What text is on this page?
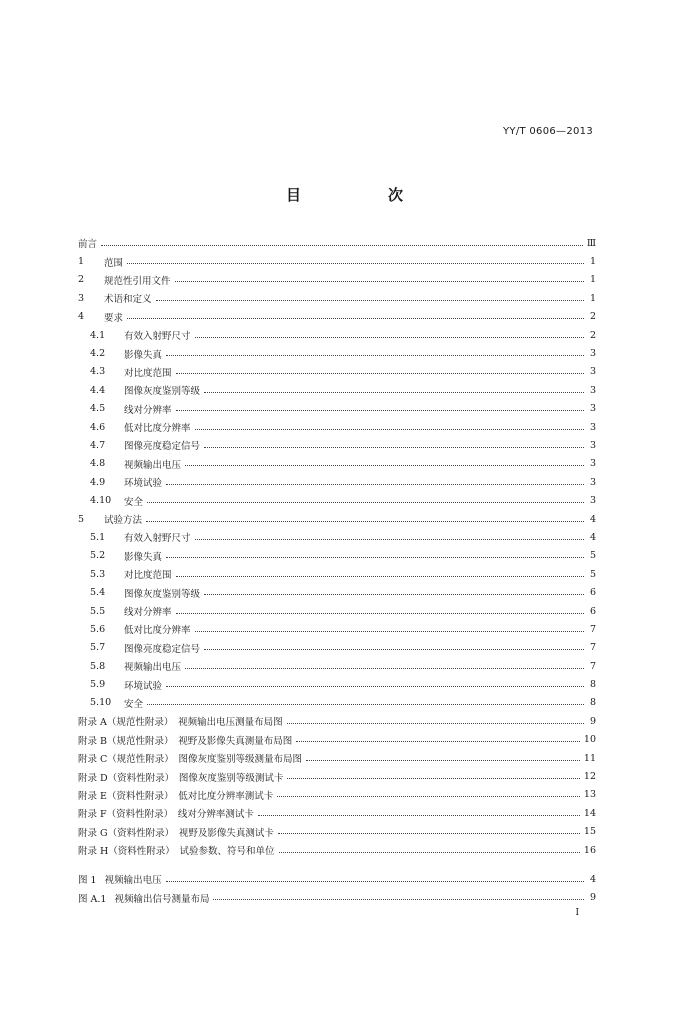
YY/T 0606—2013
目　次
前言	Ⅲ
1	范围	1
2	规范性引用文件	1
3	术语和定义	1
4	要求	2
4.1	有效入射野尺寸	2
4.2	影像失真	3
4.3	对比度范围	3
4.4	图像灰度鉴别等级	3
4.5	线对分辨率	3
4.6	低对比度分辨率	3
4.7	图像亮度稳定信号	3
4.8	视频输出电压	3
4.9	环境试验	3
4.10	安全	3
5	试验方法	4
5.1	有效入射野尺寸	4
5.2	影像失真	5
5.3	对比度范围	5
5.4	图像灰度鉴别等级	6
5.5	线对分辨率	6
5.6	低对比度分辨率	7
5.7	图像亮度稳定信号	7
5.8	视频输出电压	7
5.9	环境试验	8
5.10	安全	8
附录 A（规范性附录）　视频输出电压测量布局图	9
附录 B（规范性附录）　视野及影像失真测量布局图	10
附录 C（规范性附录）　图像灰度鉴别等级测量布局图	11
附录 D（资料性附录）　图像灰度鉴别等级测试卡	12
附录 E（资料性附录）　低对比度分辨率测试卡	13
附录 F（资料性附录）　线对分辨率测试卡	14
附录 G（资料性附录）　视野及影像失真测试卡	15
附录 H（资料性附录）　试验参数、符号和单位	16
图 1 视频输出电压	4
图 A.1 视频输出信号测量布局	9
Ⅰ
